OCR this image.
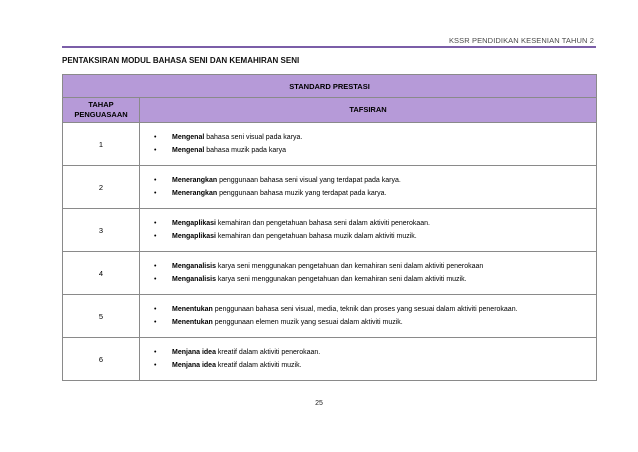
KSSR PENDIDIKAN KESENIAN TAHUN 2
PENTAKSIRAN MODUL BAHASA SENI DAN KEMAHIRAN SENI
STANDARD PRESTASI	
TAHAP PENGUASAAN	TAFSIRAN
1	• Mengenal bahasa seni visual pada karya.
• Mengenal bahasa muzik pada karya

2	• Menerangkan penggunaan bahasa seni visual yang terdapat pada karya.
• Menerangkan penggunaan bahasa muzik yang terdapat pada karya.

3	• Mengaplikasi kemahiran dan pengetahuan bahasa seni dalam aktiviti penerokaan.
• Mengaplikasi kemahiran dan pengetahuan bahasa muzik dalam aktiviti muzik.

4	• Menganalisis karya seni menggunakan pengetahuan dan kemahiran seni dalam aktiviti penerokaan
• Menganalisis karya seni menggunakan pengetahuan dan kemahiran seni dalam aktiviti muzik.

5	• Menentukan penggunaan bahasa seni visual, media, teknik dan proses yang sesuai dalam aktiviti penerokaan.
• Menentukan penggunaan elemen muzik yang sesuai dalam aktiviti muzik.

6	• Menjana idea kreatif dalam aktiviti penerokaan.
• Menjana idea kreatif dalam aktiviti muzik.
25
